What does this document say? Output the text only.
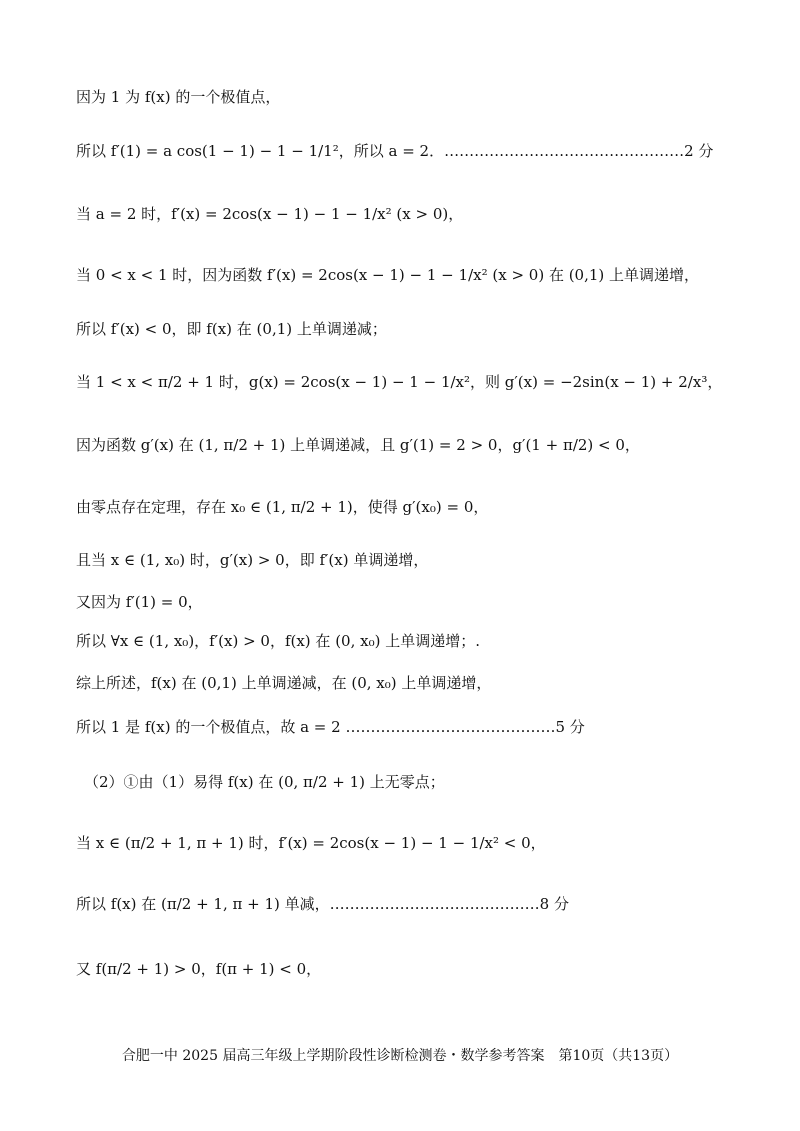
因为 1 为 f(x) 的一个极值点，
所以 f′(1) = a cos(1 − 1) − 1 − 1/1²，所以 a = 2．…………………………………………2 分
当 a = 2 时，f′(x) = 2cos(x − 1) − 1 − 1/x² (x > 0)，
当 0 < x < 1 时，因为函数 f′(x) = 2cos(x − 1) − 1 − 1/x² (x > 0) 在 (0,1) 上单调递增，
所以 f′(x) < 0，即 f(x) 在 (0,1) 上单调递减；
当 1 < x < π/2 + 1 时，g(x) = 2cos(x − 1) − 1 − 1/x²，则 g′(x) = −2sin(x − 1) + 2/x³，
因为函数 g′(x) 在 (1, π/2 + 1) 上单调递减，且 g′(1) = 2 > 0，g′(1 + π/2) < 0，
由零点存在定理，存在 x₀ ∈ (1, π/2 + 1)，使得 g′(x₀) = 0，
且当 x ∈ (1, x₀) 时，g′(x) > 0，即 f′(x) 单调递增，
又因为 f′(1) = 0，
所以 ∀x ∈ (1, x₀)，f′(x) > 0，f(x) 在 (0, x₀) 上单调递增；.
综上所述，f(x) 在 (0,1) 上单调递减，在 (0, x₀) 上单调递增，
所以 1 是 f(x) 的一个极值点，故 a = 2 ……………………………………5 分
（2）①由（1）易得 f(x) 在 (0, π/2 + 1) 上无零点；
当 x ∈ (π/2 + 1, π + 1) 时，f′(x) = 2cos(x − 1) − 1 − 1/x² < 0，
所以 f(x) 在 (π/2 + 1, π + 1) 单减，……………………………………8 分
又 f(π/2 + 1) > 0，f(π + 1) < 0，
合肥一中 2025 届高三年级上学期阶段性诊断检测卷・数学参考答案　第10页（共13页）
